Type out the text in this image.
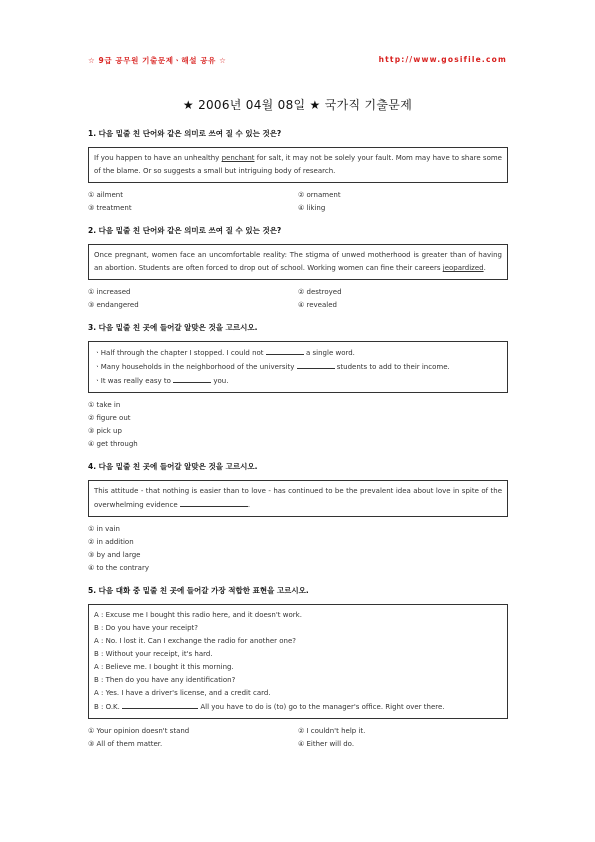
☆ 9급 공무원 기출문제ㆍ해설 공유 ☆	http://www.gosifile.com
★ 2006년 04월 08일 ★ 국가직 기출문제
1. 다음 밑줄 친 단어와 같은 의미로 쓰여 질 수 있는 것은?
If you happen to have an unhealthy penchant for salt, it may not be solely your fault. Mom may have to share some of the blame. Or so suggests a small but intriguing body of research.
① ailment	② ornament
③ treatment	④ liking
2. 다음 밑줄 친 단어와 같은 의미로 쓰여 질 수 있는 것은?
Once pregnant, women face an uncomfortable reality: The stigma of unwed motherhood is greater than of having an abortion. Students are often forced to drop out of school. Working women can fine their careers jeopardized.
① increased	② destroyed
③ endangered	④ revealed
3. 다음 밑줄 친 곳에 들어갈 알맞은 것을 고르시오.
ㆍHalf through the chapter I stopped. I could not	a single word.
ㆍMany households in the neighborhood of the university	students to add to their income.
ㆍIt was really easy to	you.
① take in
② figure out
③ pick up
④ get through
4. 다음 밑줄 친 곳에 들어갈 알맞은 것을 고르시오.
This attitude - that nothing is easier than to love - has continued to be the prevalent idea about love in spite of the overwhelming evidence	.
① in vain
② in addition
③ by and large
④ to the contrary
5. 다음 대화 중 밑줄 친 곳에 들어갈 가장 적합한 표현을 고르시오.
A : Excuse me I bought this radio here, and it doesn't work.
B : Do you have your receipt?
A : No. I lost it. Can I exchange the radio for another one?
B : Without your receipt, it's hard.
A : Believe me. I bought it this morning.
B : Then do you have any identification?
A : Yes. I have a driver's license, and a credit card.
B : O.K.	All you have to do is (to) go to the manager's office. Right over there.
① Your opinion doesn't stand	② I couldn't help it.
③ All of them matter.	④ Either will do.
